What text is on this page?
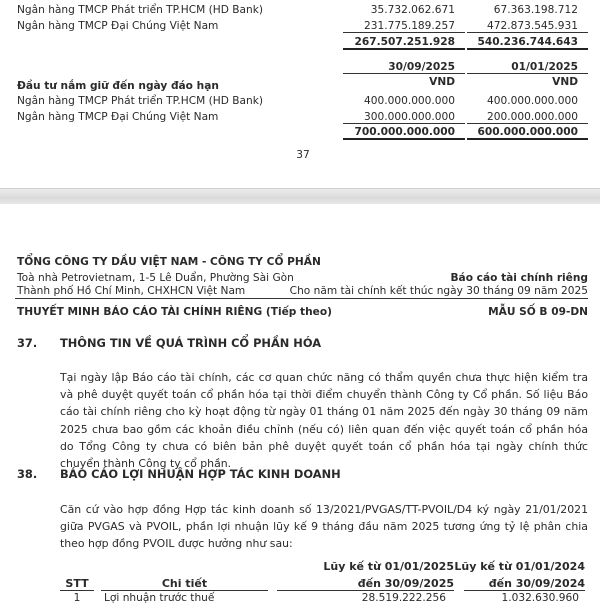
Ngân hàng TMCP Phát triển TP.HCM (HD Bank)	35.732.062.671	67.363.198.712
Ngân hàng TMCP Đại Chúng Việt Nam	231.775.189.257	472.873.545.931
267.507.251.928	540.236.744.643
30/09/2025	01/01/2025
VND	VND
Đầu tư nắm giữ đến ngày đáo hạn
Ngân hàng TMCP Phát triển TP.HCM (HD Bank)	400.000.000.000	400.000.000.000
Ngân hàng TMCP Đại Chúng Việt Nam	300.000.000.000	200.000.000.000
700.000.000.000	600.000.000.000
37
TỔNG CÔNG TY DẦU VIỆT NAM - CÔNG TY CỔ PHẦN
Toà nhà Petrovietnam, 1-5 Lê Duẩn, Phường Sài Gòn	Báo cáo tài chính riêng
Thành phố Hồ Chí Minh, CHXHCN Việt Nam	Cho năm tài chính kết thúc ngày 30 tháng 09 năm 2025
THUYẾT MINH BÁO CÁO TÀI CHÍNH RIÊNG (Tiếp theo)	MẪU SỐ B 09-DN
37. THÔNG TIN VỀ QUÁ TRÌNH CỔ PHẦN HÓA
Tại ngày lập Báo cáo tài chính, các cơ quan chức năng có thẩm quyền chưa thực hiện kiểm tra và phê duyệt quyết toán cổ phần hóa tại thời điểm chuyển thành Công ty Cổ phần. Số liệu Báo cáo tài chính riêng cho kỳ hoạt động từ ngày 01 tháng 01 năm 2025 đến ngày 30 tháng 09 năm 2025 chưa bao gồm các khoản điều chỉnh (nếu có) liên quan đến việc quyết toán cổ phần hóa do Tổng Công ty chưa có biên bản phê duyệt quyết toán cổ phần hóa tại ngày chính thức chuyển thành Công ty cổ phần.
38. BÁO CÁO LỢI NHUẬN HỢP TÁC KINH DOANH
Căn cứ vào hợp đồng Hợp tác kinh doanh số 13/2021/PVGAS/TT-PVOIL/D4 ký ngày 21/01/2021 giữa PVGAS và PVOIL, phần lợi nhuận lũy kế 9 tháng đầu năm 2025 tương ứng tỷ lệ phân chia theo hợp đồng PVOIL được hưởng như sau:
Lũy kế từ 01/01/2025 Lũy kế từ 01/01/2024
STT	Chi tiết	đến 30/09/2025	đến 30/09/2024
1	Lợi nhuận trước thuế	28.519.222.256	1.032.630.960
